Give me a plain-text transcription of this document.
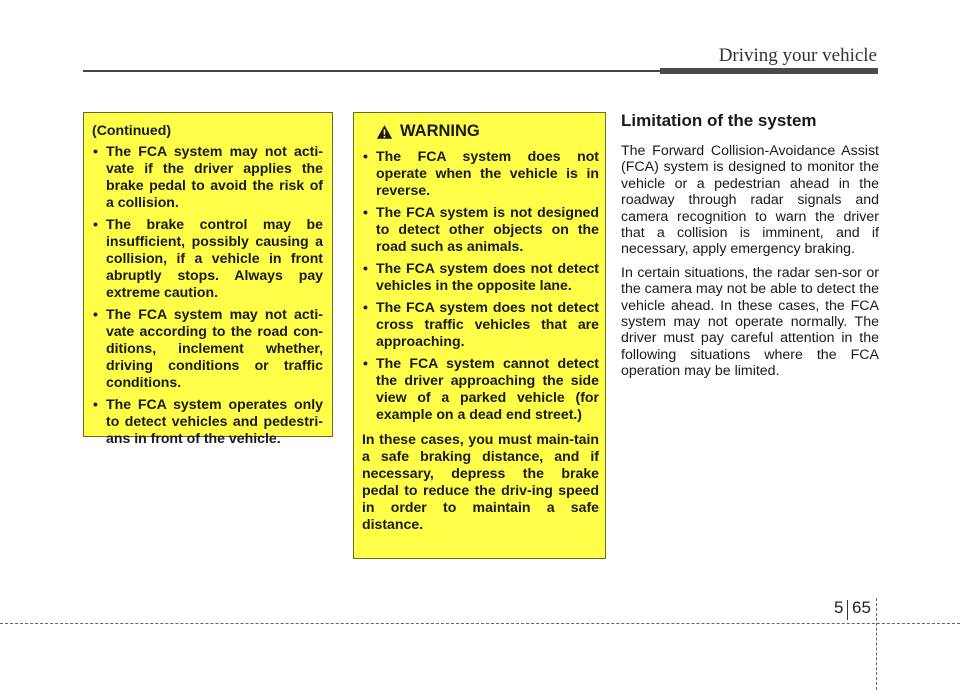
Driving your vehicle
(Continued)
• The FCA system may not acti-vate if the driver applies the brake pedal to avoid the risk of a collision.
• The brake control may be insufficient, possibly causing a collision, if a vehicle in front abruptly stops. Always pay extreme caution.
• The FCA system may not acti-vate according to the road con-ditions, inclement whether, driving conditions or traffic conditions.
• The FCA system operates only to detect vehicles and pedestri-ans in front of the vehicle.
WARNING
• The FCA system does not operate when the vehicle is in reverse.
• The FCA system is not designed to detect other objects on the road such as animals.
• The FCA system does not detect vehicles in the opposite lane.
• The FCA system does not detect cross traffic vehicles that are approaching.
• The FCA system cannot detect the driver approaching the side view of a parked vehicle (for example on a dead end street.)
In these cases, you must main-tain a safe braking distance, and if necessary, depress the brake pedal to reduce the driv-ing speed in order to maintain a safe distance.
Limitation of the system

The Forward Collision-Avoidance Assist (FCA) system is designed to monitor the vehicle or a pedestrian ahead in the roadway through radar signals and camera recognition to warn the driver that a collision is imminent, and if necessary, apply emergency braking.

In certain situations, the radar sen-sor or the camera may not be able to detect the vehicle ahead. In these cases, the FCA system may not operate normally. The driver must pay careful attention in the following situations where the FCA operation may be limited.

5 65
